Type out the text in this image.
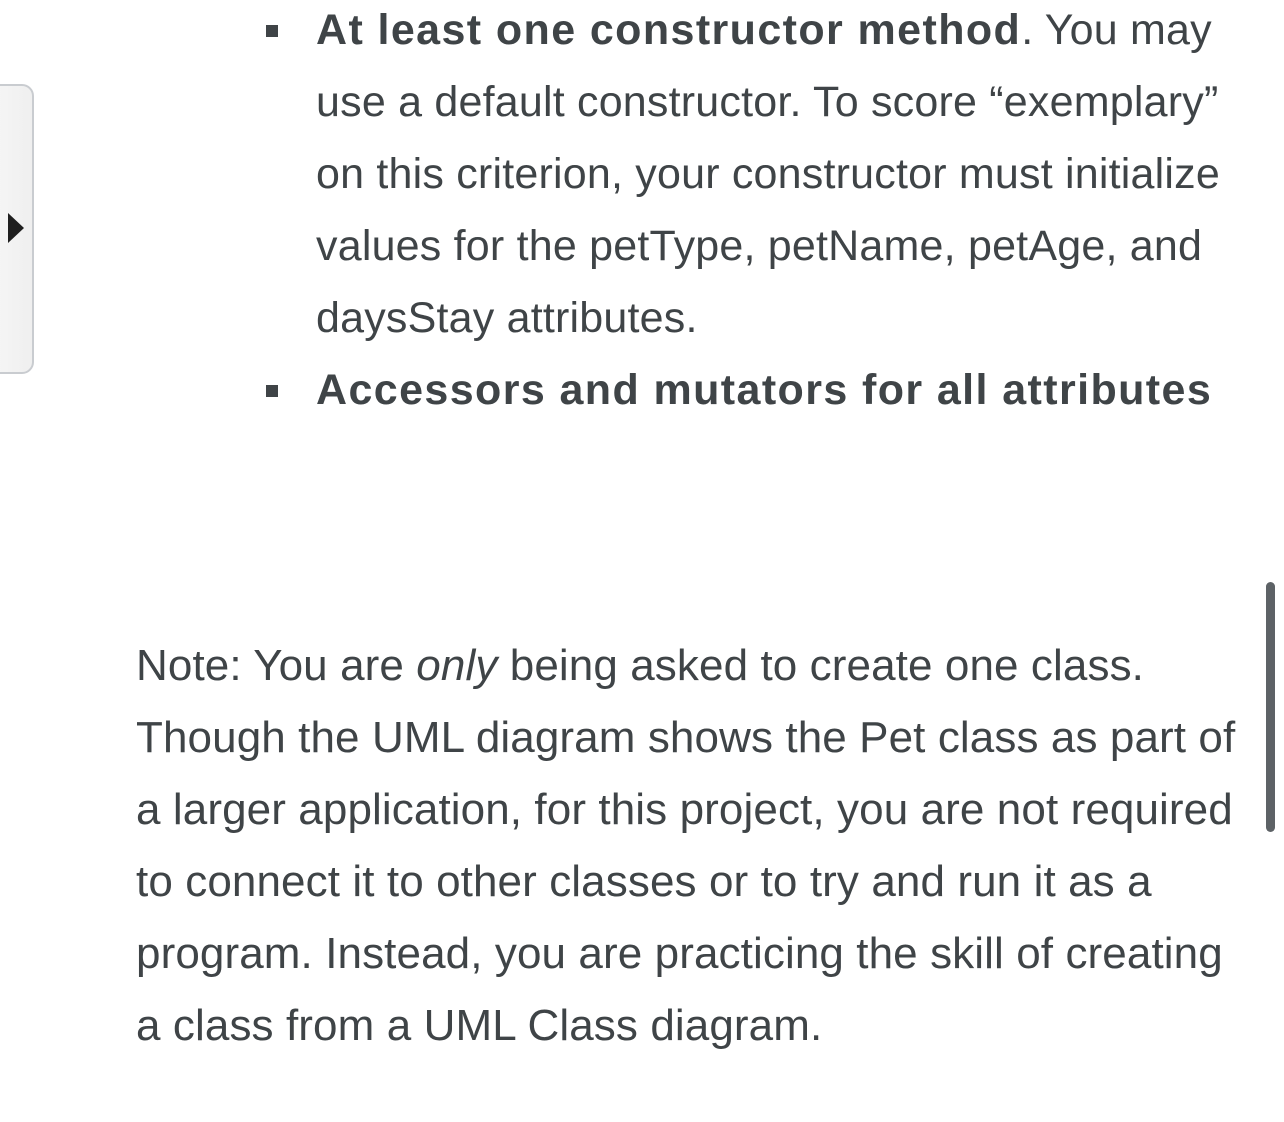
At least one constructor method. You may use a default constructor. To score “exemplary” on this criterion, your constructor must initialize values for the petType, petName, petAge, and daysStay attributes.
Accessors and mutators for all attributes

Note: You are only being asked to create one class. Though the UML diagram shows the Pet class as part of a larger application, for this project, you are not required to connect it to other classes or to try and run it as a program. Instead, you are practicing the skill of creating a class from a UML Class diagram.
